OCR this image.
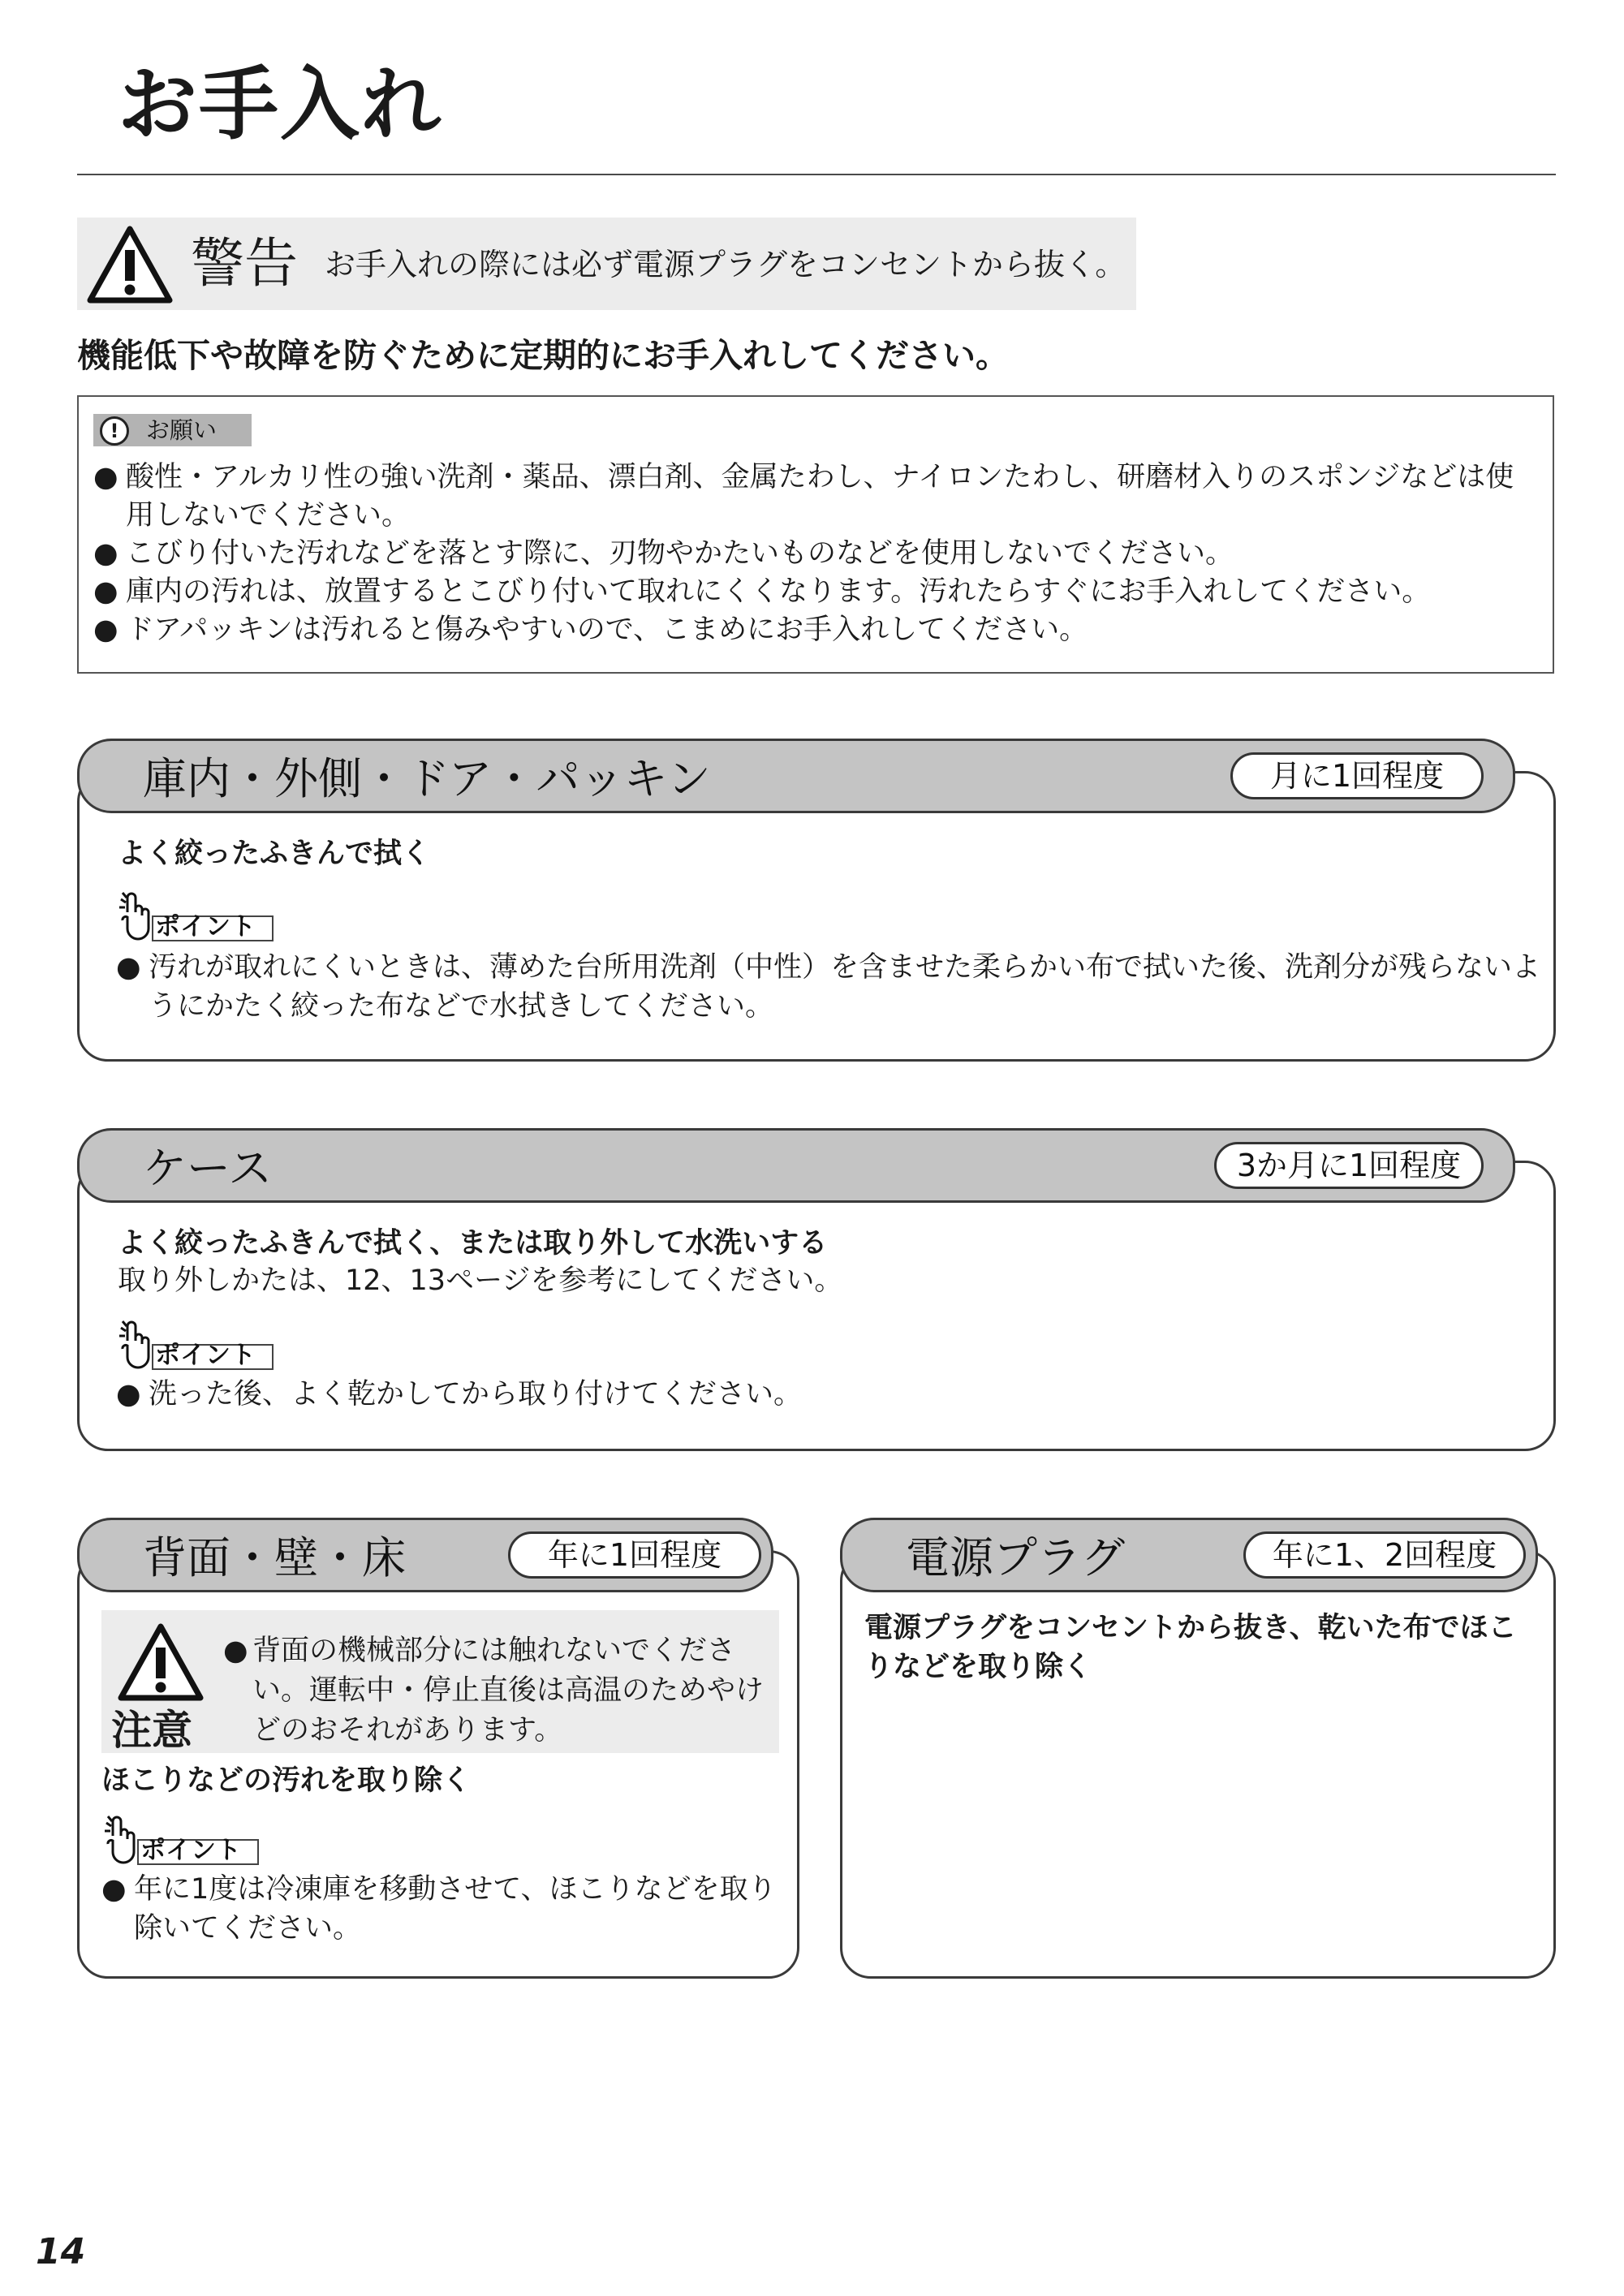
お手入れ
警告 お手入れの際には必ず電源プラグをコンセントから抜く。
機能低下や故障を防ぐために定期的にお手入れしてください。
!	お願い
● 酸性・アルカリ性の強い洗剤・薬品、漂白剤、金属たわし、ナイロンたわし、研磨材入りのスポンジなどは使用しないでください。
● こびり付いた汚れなどを落とす際に、刃物やかたいものなどを使用しないでください。
● 庫内の汚れは、放置するとこびり付いて取れにくくなります。汚れたらすぐにお手入れしてください。
● ドアパッキンは汚れると傷みやすいので、こまめにお手入れしてください。
庫内・外側・ドア・パッキン	月に1回程度
よく絞ったふきんで拭く
ポイント
● 汚れが取れにくいときは、薄めた台所用洗剤（中性）を含ませた柔らかい布で拭いた後、洗剤分が残らないようにかたく絞った布などで水拭きしてください。
ケース	3か月に1回程度
よく絞ったふきんで拭く、または取り外して水洗いする
取り外しかたは、12、13ページを参考にしてください。
ポイント
● 洗った後、よく乾かしてから取り付けてください。
背面・壁・床	年に1回程度
注意
● 背面の機械部分には触れないでください。運転中・停止直後は高温のためやけどのおそれがあります。
ほこりなどの汚れを取り除く
ポイント
● 年に1度は冷凍庫を移動させて、ほこりなどを取り除いてください。
電源プラグ	年に1、2回程度
電源プラグをコンセントから抜き、乾いた布でほこりなどを取り除く
14
